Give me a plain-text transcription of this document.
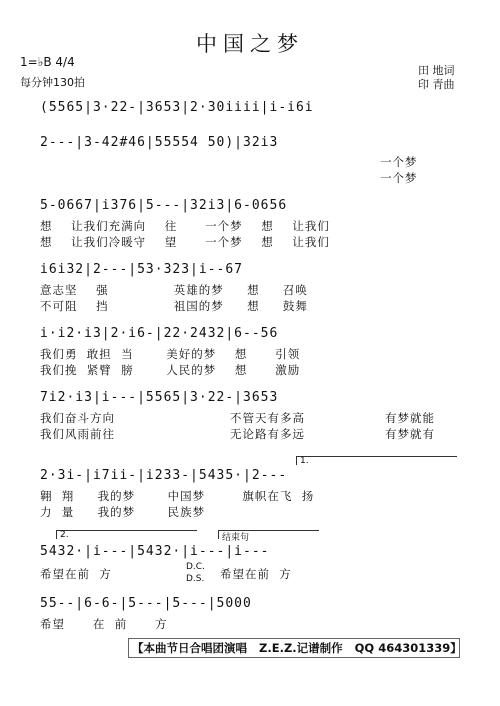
中国之梦
1=♭B 4/4
每分钟130拍
田 地词
印 青曲
(5565|3·22-|3653|2·30iiii|i-i6i
2---|3-42#46|55554 50)|32i3
一个梦
一个梦
5-0667|i376|5---|32i3|6-0656
想    让我们充满向    往      一个梦    想    让我们
想    让我们冷暖守    望      一个梦    想    让我们
i6i32|2---|53·323|i--67
意志坚    强              英雄的梦     想     召唤
不可阻    挡              祖国的梦     想     鼓舞
i·i2·i3|2·i6-|22·2432|6--56
我们勇  敢担  当       美好的梦    想      引领
我们挽  紧臂  膀       人民的梦    想      激励
7i2·i3|i---|5565|3·22-|3653
我们奋斗方向	不管天有多高	有梦就能
我们风雨前往	无论路有多远	有梦就有
1.
2·3i-|i7ii-|i233-|5435·|2---
翱  翔     我的梦       中国梦        旗帜在飞  扬
力  量     我的梦       民族梦
2.	结束句
5432·|i---|5432·|i---|i---
希望在前  方	D.C.
D.S. 希望在前  方
55--|6-6-|5---|5---|5000
希望      在  前      方
【本曲节日合唱团演唱   Z.E.Z.记谱制作   QQ 464301339】
